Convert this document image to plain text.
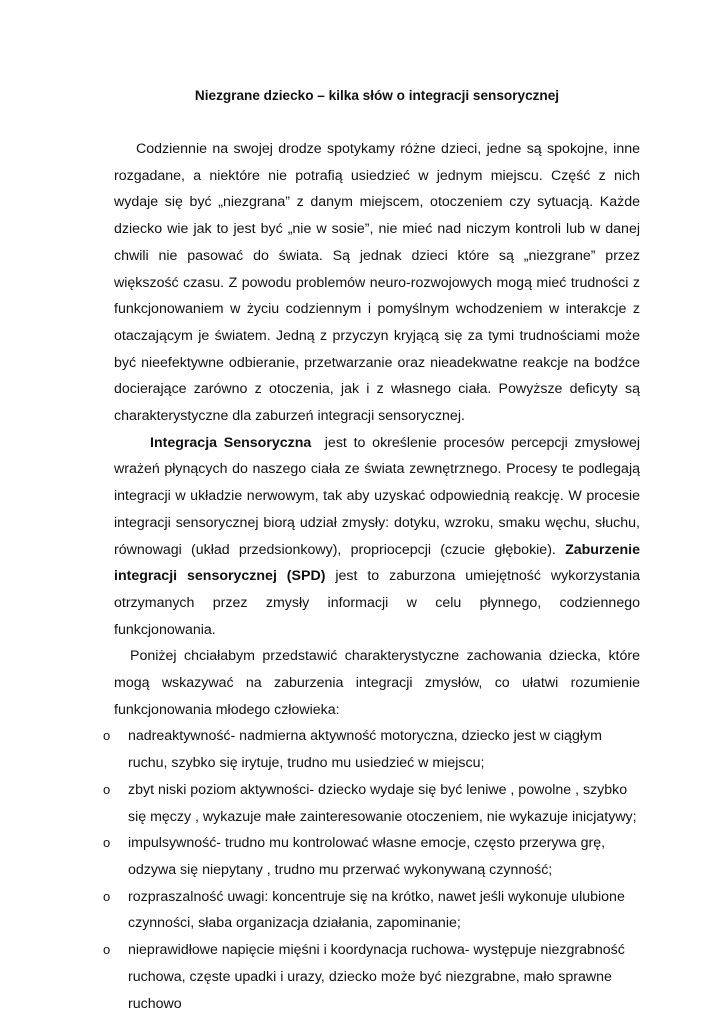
Niezgrane dziecko – kilka słów o integracji sensorycznej

Codziennie na swojej drodze spotykamy różne dzieci, jedne są spokojne, inne rozgadane, a niektóre nie potrafią usiedzieć w jednym miejscu. Część z nich wydaje się być „niezgrana” z danym miejscem, otoczeniem czy sytuacją. Każde dziecko wie jak to jest być „nie w sosie”, nie mieć nad niczym kontroli lub w danej chwili nie pasować do świata. Są jednak dzieci które są „niezgrane” przez większość czasu. Z powodu problemów neuro-rozwojowych mogą mieć trudności z funkcjonowaniem w życiu codziennym i pomyślnym wchodzeniem w interakcje z otaczającym je światem. Jedną z przyczyn kryjącą się za tymi trudnościami może być nieefektywne odbieranie, przetwarzanie oraz nieadekwatne reakcje na bodźce docierające zarówno z otoczenia, jak i z własnego ciała. Powyższe deficyty są charakterystyczne dla zaburzeń integracji sensorycznej.

Integracja Sensoryczna jest to określenie procesów percepcji zmysłowej wrażeń płynących do naszego ciała ze świata zewnętrznego. Procesy te podlegają integracji w układzie nerwowym, tak aby uzyskać odpowiednią reakcję. W procesie integracji sensorycznej biorą udział zmysły: dotyku, wzroku, smaku węchu, słuchu, równowagi (układ przedsionkowy), propriocepcji (czucie głębokie). Zaburzenie integracji sensorycznej (SPD) jest to zaburzona umiejętność wykorzystania otrzymanych przez zmysły informacji w celu płynnego, codziennego funkcjonowania.

Poniżej chciałabym przedstawić charakterystyczne zachowania dziecka, które mogą wskazywać na zaburzenia integracji zmysłów, co ułatwi rozumienie funkcjonowania młodego człowieka:

o nadreaktywność- nadmierna aktywność motoryczna, dziecko jest w ciągłym ruchu, szybko się irytuje, trudno mu usiedzieć w miejscu;
o zbyt niski poziom aktywności- dziecko wydaje się być leniwe , powolne , szybko się męczy , wykazuje małe zainteresowanie otoczeniem, nie wykazuje inicjatywy;
o impulsywność- trudno mu kontrolować własne emocje, często przerywa grę, odzywa się niepytany , trudno mu przerwać wykonywaną czynność;
o rozpraszalność uwagi: koncentruje się na krótko, nawet jeśli wykonuje ulubione czynności, słaba organizacja działania, zapominanie;
o nieprawidłowe napięcie mięśni i koordynacja ruchowa- występuje niezgrabność ruchowa, częste upadki i urazy, dziecko może być niezgrabne, mało sprawne ruchowo
